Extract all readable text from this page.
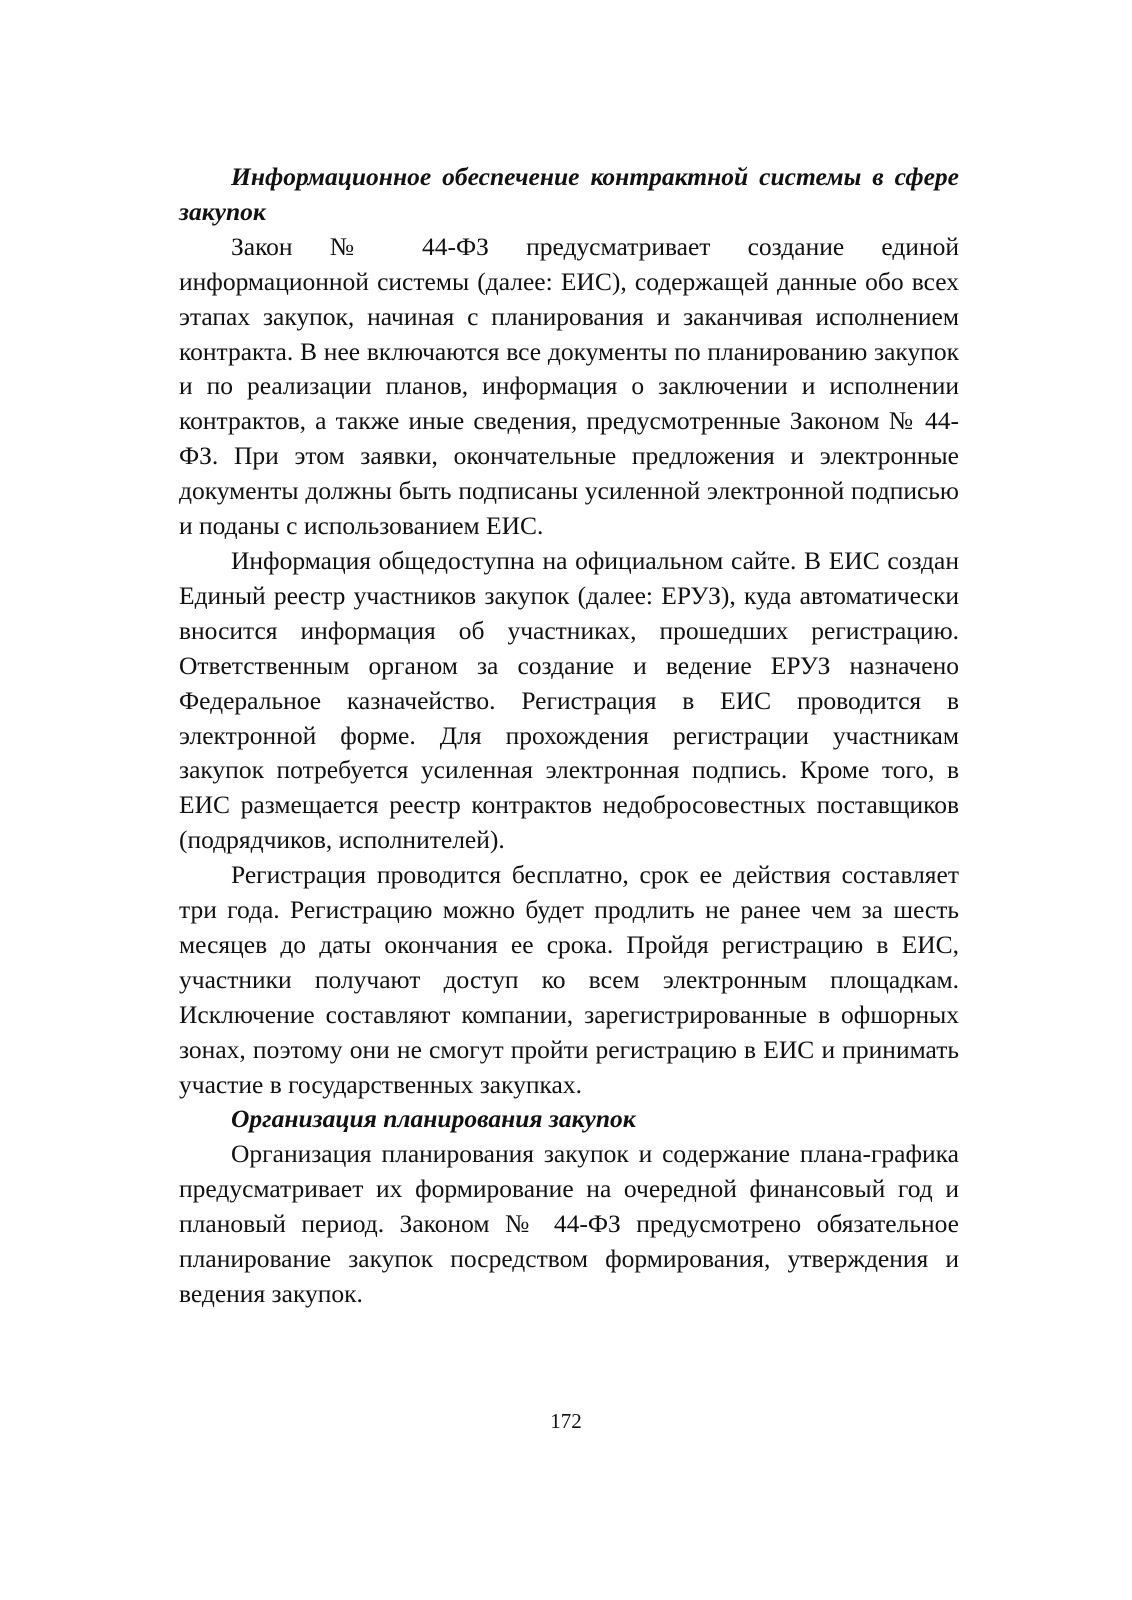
Информационное обеспечение контрактной системы в сфере закупок

Закон № 44-ФЗ предусматривает создание единой информационной системы (далее: ЕИС), содержащей данные обо всех этапах закупок, начиная с планирования и заканчивая исполнением контракта. В нее включаются все документы по планированию закупок и по реализации планов, информация о заключении и исполнении контрактов, а также иные сведения, предусмотренные Законом № 44-ФЗ. При этом заявки, окончательные предложения и электронные документы должны быть подписаны усиленной электронной подписью и поданы с использованием ЕИС.

Информация общедоступна на официальном сайте. В ЕИС создан Единый реестр участников закупок (далее: ЕРУЗ), куда автоматически вносится информация об участниках, прошедших регистрацию. Ответственным органом за создание и ведение ЕРУЗ назначено Федеральное казначейство. Регистрация в ЕИС проводится в электронной форме. Для прохождения регистрации участникам закупок потребуется усиленная электронная подпись. Кроме того, в ЕИС размещается реестр контрактов недобросовестных поставщиков (подрядчиков, исполнителей).

Регистрация проводится бесплатно, срок ее действия составляет три года. Регистрацию можно будет продлить не ранее чем за шесть месяцев до даты окончания ее срока. Пройдя регистрацию в ЕИС, участники получают доступ ко всем электронным площадкам. Исключение составляют компании, зарегистрированные в офшорных зонах, поэтому они не смогут пройти регистрацию в ЕИС и принимать участие в государственных закупках.

Организация планирования закупок

Организация планирования закупок и содержание плана-графика предусматривает их формирование на очередной финансовый год и плановый период. Законом № 44-ФЗ предусмотрено обязательное планирование закупок посредством формирования, утверждения и ведения закупок.

172
